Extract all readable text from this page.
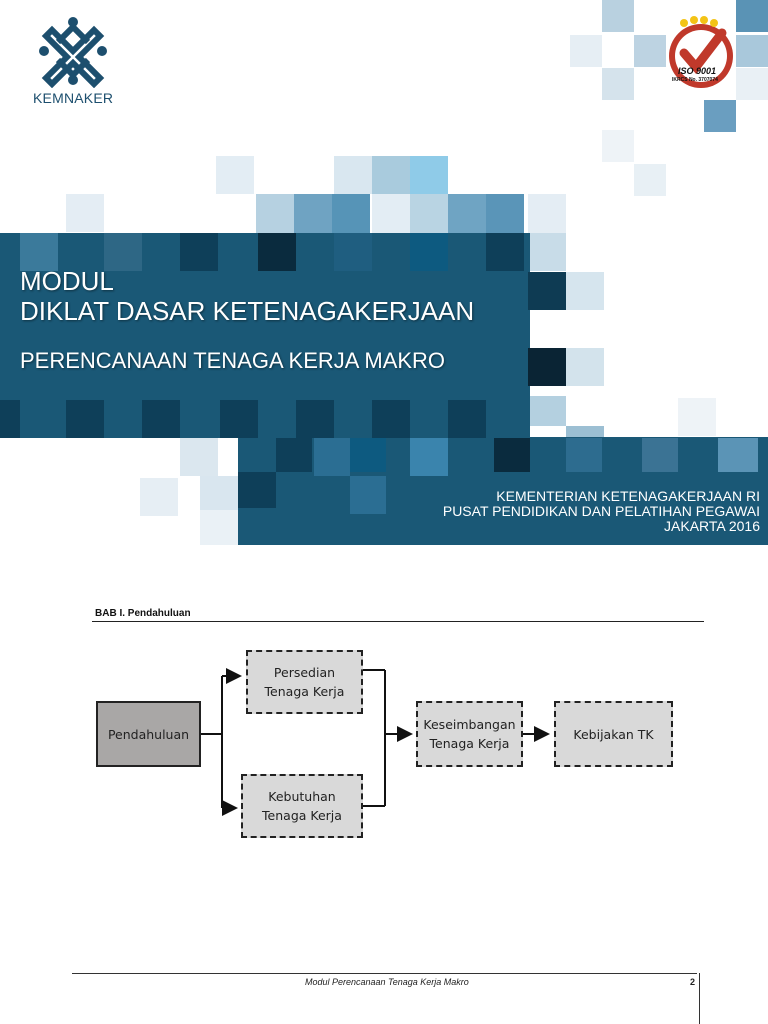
KEMNAKER
ISO 9001
IKRCS No. 3707074
MODUL
DIKLAT DASAR KETENAGAKERJAAN
PERENCANAAN TENAGA KERJA MAKRO
KEMENTERIAN KETENAGAKERJAAN RI
PUSAT PENDIDIKAN DAN PELATIHAN PEGAWAI
JAKARTA 2016
BAB I. Pendahuluan
Pendahuluan
Persedian
Tenaga Kerja
Kebutuhan
Tenaga Kerja
Keseimbangan
Tenaga Kerja
Kebijakan TK
Modul Perencanaan Tenaga Kerja Makro	2
